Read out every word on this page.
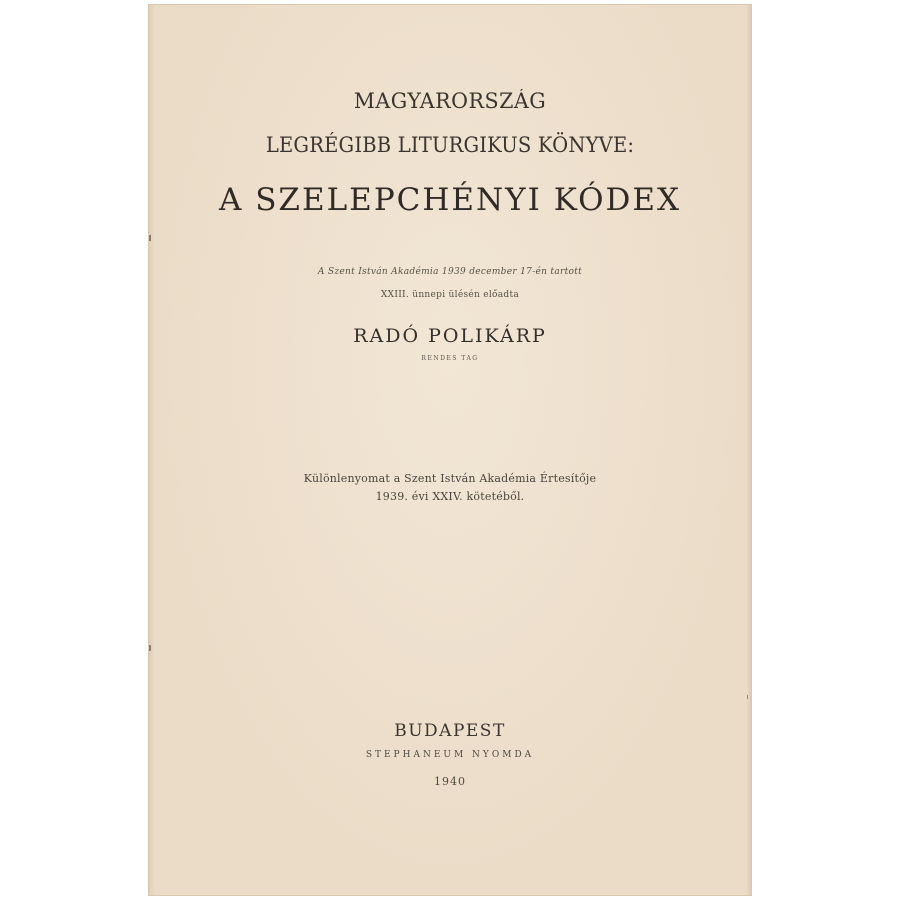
MAGYARORSZÁG
LEGRÉGIBB LITURGIKUS KÖNYVE:
A SZELEPCHÉNYI KÓDEX
A Szent István Akadémia 1939 december 17-én tartott
XXIII. ünnepi ülésén előadta
RADÓ POLIKÁRP
RENDES TAG
Különlenyomat a Szent István Akadémia Értesítője
1939. évi XXIV. kötetéből.
BUDAPEST
STEPHANEUM NYOMDA
1940
